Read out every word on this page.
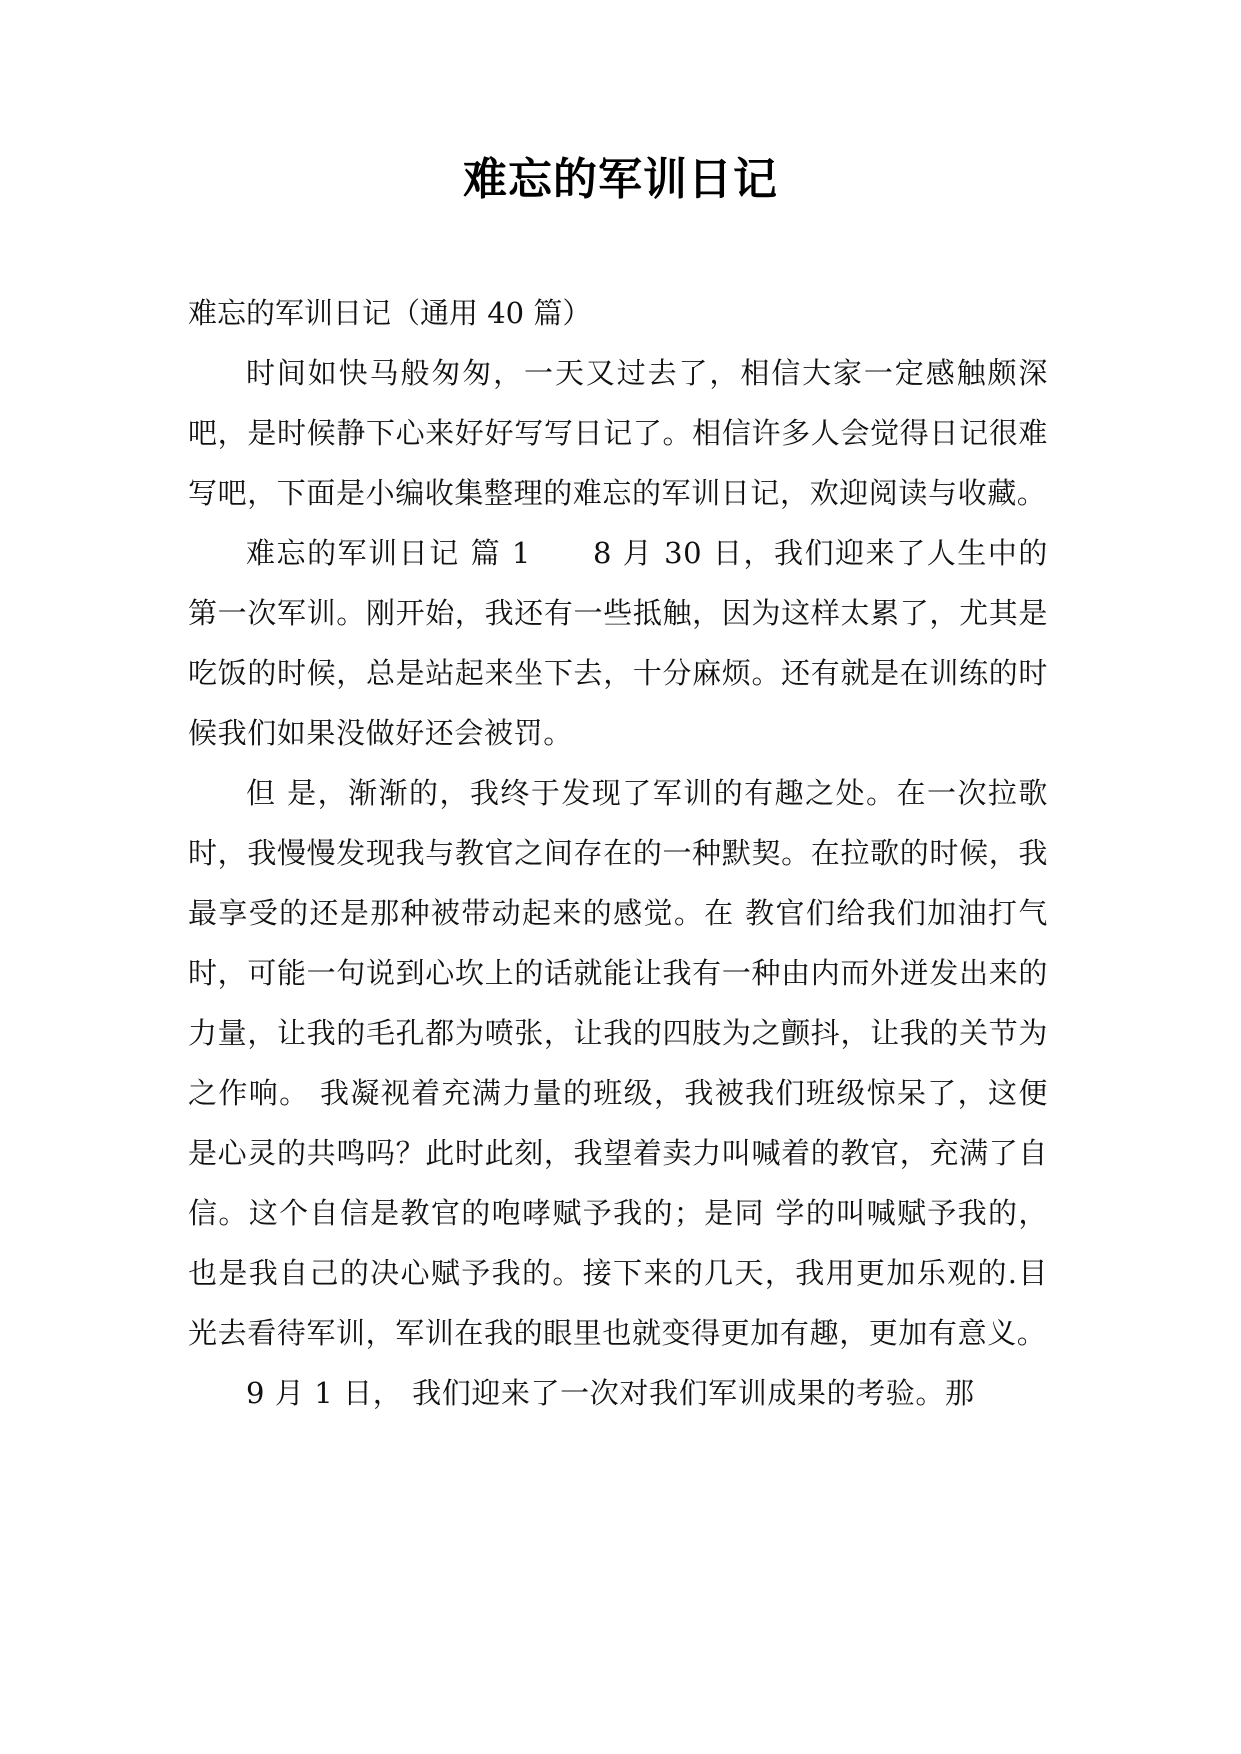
难忘的军训日记

难忘的军训日记（通用 40 篇）

时间如快马般匆匆，一天又过去了，相信大家一定感触颇深吧，是时候静下心来好好写写日记了。相信许多人会觉得日记很难写吧，下面是小编收集整理的难忘的军训日记，欢迎阅读与收藏。

难忘的军训日记 篇 1　　8 月 30 日，我们迎来了人生中的第一次军训。刚开始，我还有一些抵触，因为这样太累了，尤其是吃饭的时候，总是站起来坐下去，十分麻烦。还有就是在训练的时候我们如果没做好还会被罚。

但 是，渐渐的，我终于发现了军训的有趣之处。在一次拉歌时，我慢慢发现我与教官之间存在的一种默契。在拉歌的时候，我最享受的还是那种被带动起来的感觉。在 教官们给我们加油打气时，可能一句说到心坎上的话就能让我有一种由内而外迸发出来的力量，让我的毛孔都为喷张，让我的四肢为之颤抖，让我的关节为之作响。 我凝视着充满力量的班级，我被我们班级惊呆了，这便是心灵的共鸣吗？此时此刻，我望着卖力叫喊着的教官，充满了自信。这个自信是教官的咆哮赋予我的；是同 学的叫喊赋予我的，也是我自己的决心赋予我的。接下来的几天，我用更加乐观的.目光去看待军训，军训在我的眼里也就变得更加有趣，更加有意义。

9 月 1 日， 我们迎来了一次对我们军训成果的考验。那
